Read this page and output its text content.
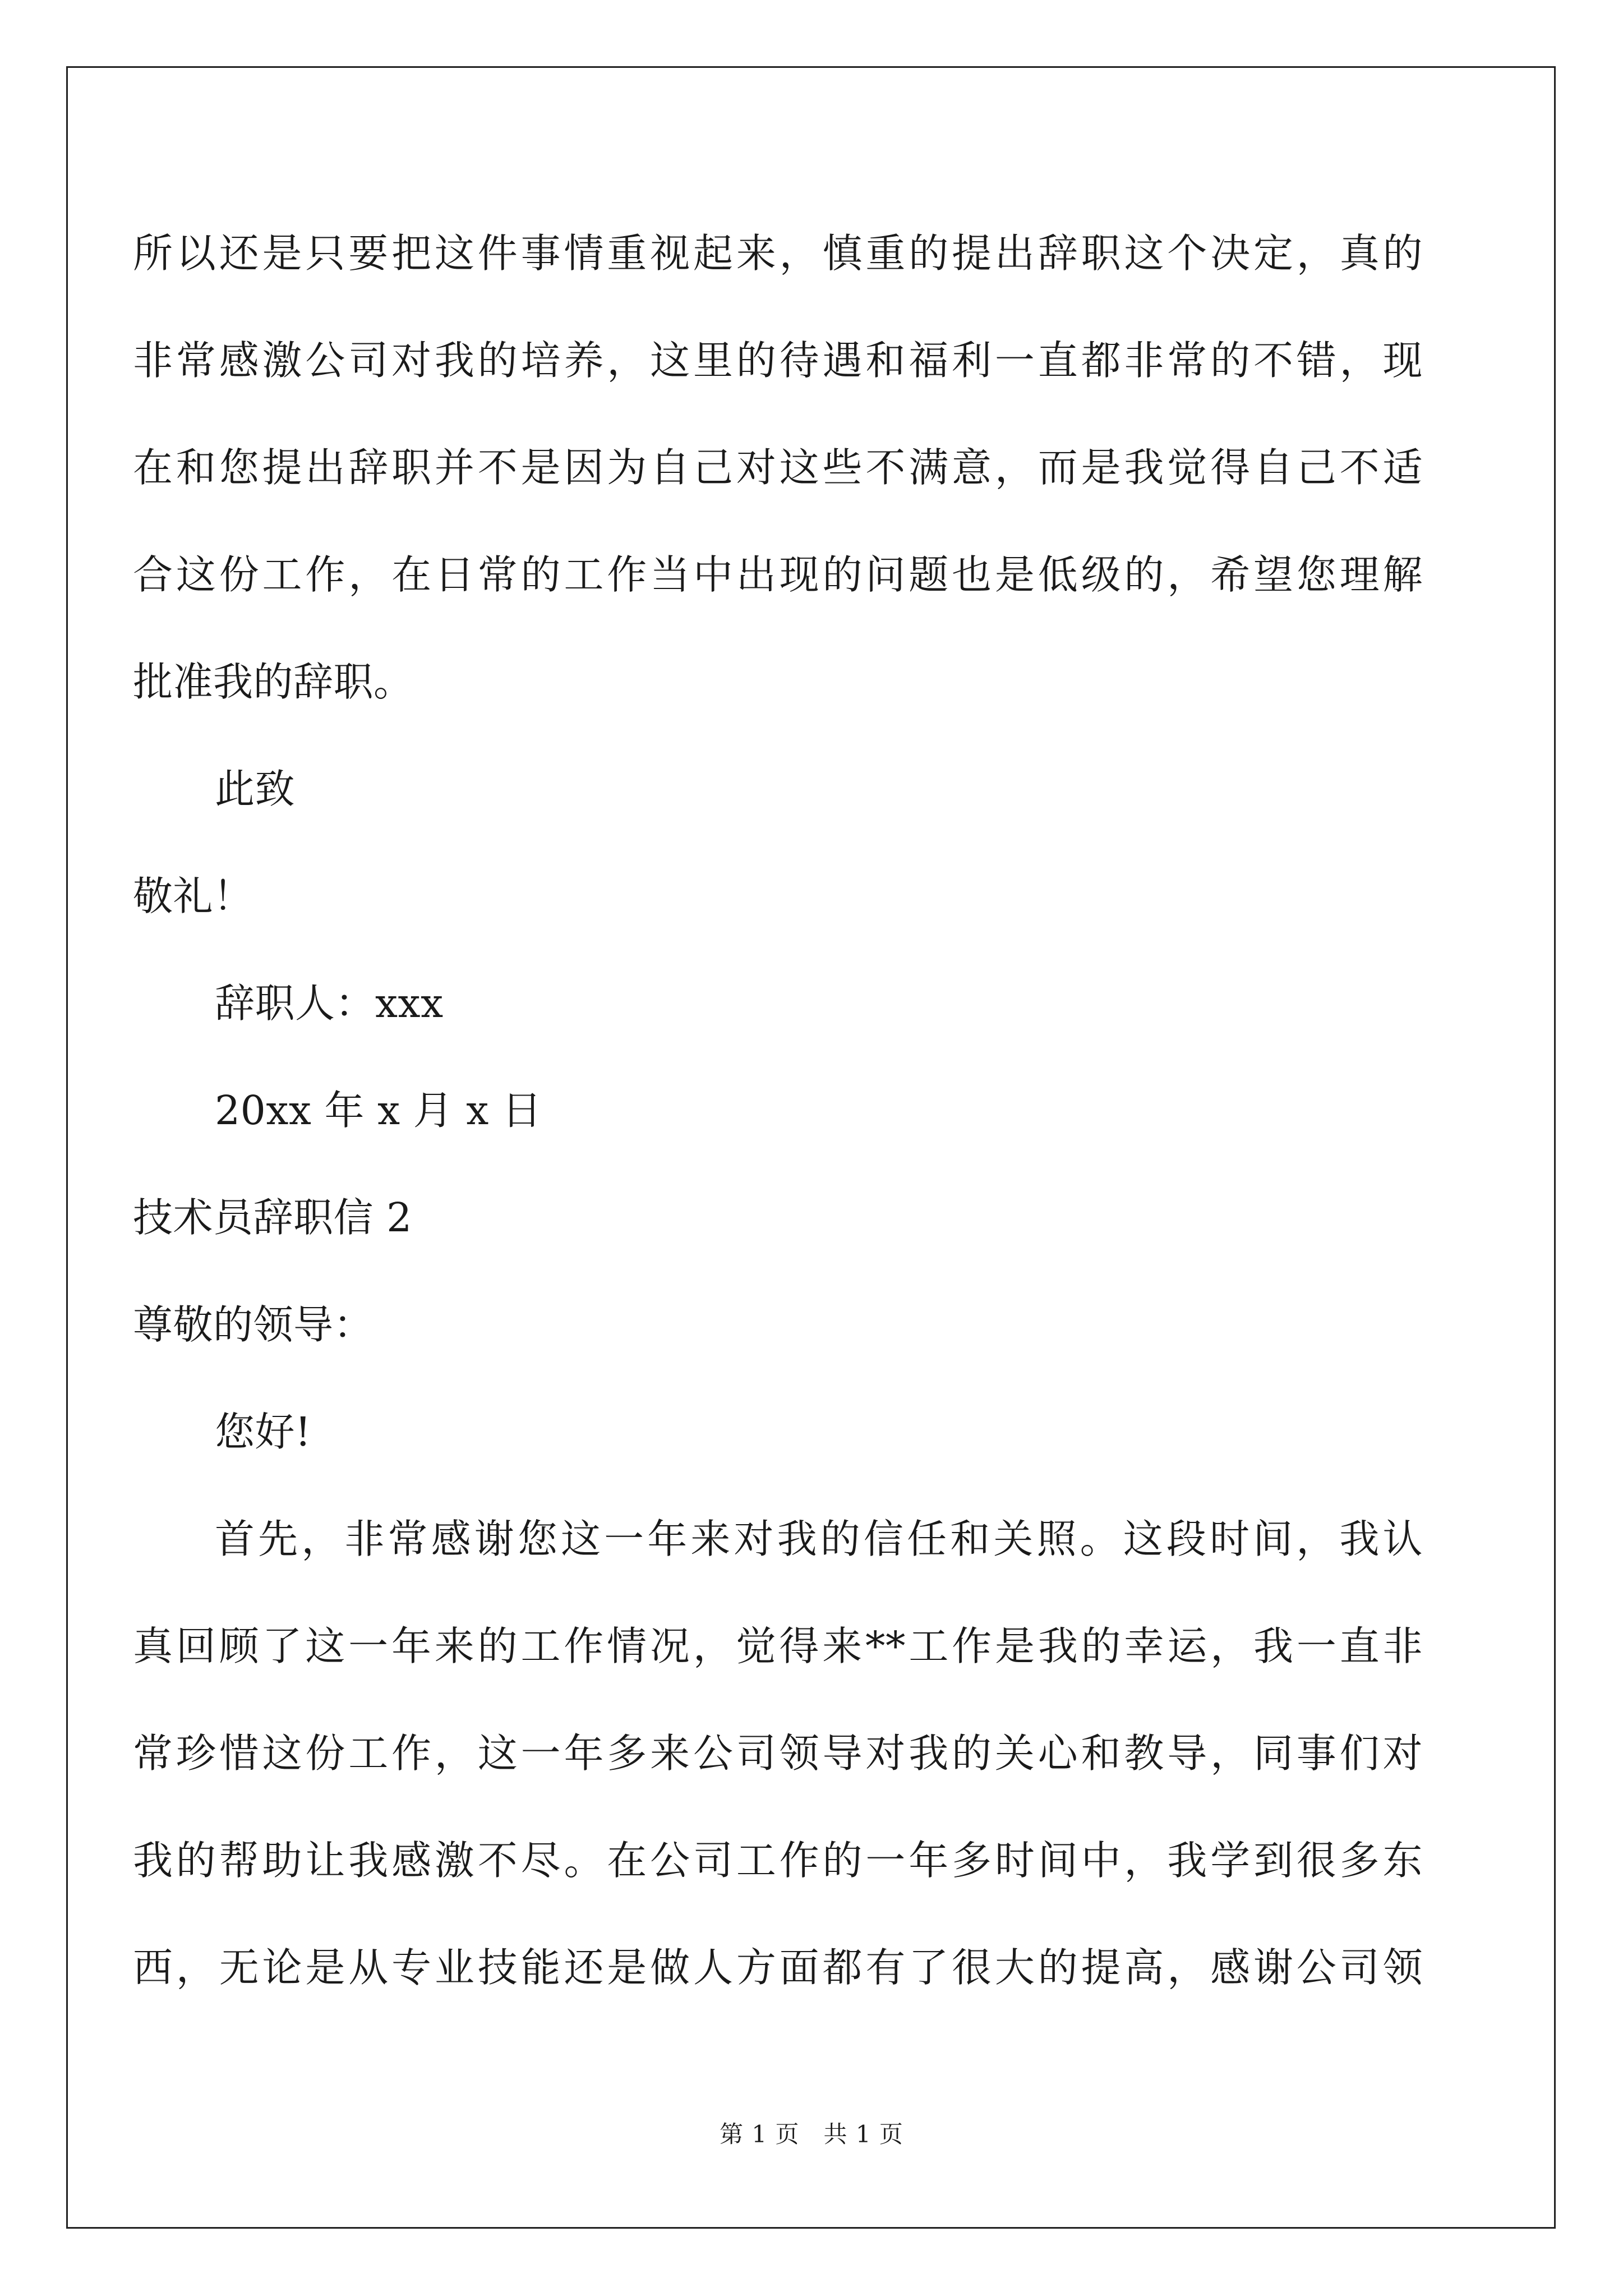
所以还是只要把这件事情重视起来，慎重的提出辞职这个决定，真的
非常感激公司对我的培养，这里的待遇和福利一直都非常的不错，现
在和您提出辞职并不是因为自己对这些不满意，而是我觉得自己不适
合这份工作，在日常的工作当中出现的问题也是低级的，希望您理解
批准我的辞职。
此致
敬礼！
辞职人：xxx
20xx 年 x 月 x 日
技术员辞职信 2
尊敬的领导：
您好!
首先，非常感谢您这一年来对我的信任和关照。这段时间，我认
真回顾了这一年来的工作情况，觉得来**工作是我的幸运，我一直非
常珍惜这份工作，这一年多来公司领导对我的关心和教导，同事们对
我的帮助让我感激不尽。在公司工作的一年多时间中，我学到很多东
西，无论是从专业技能还是做人方面都有了很大的提高，感谢公司领
第 1 页　共 1 页
